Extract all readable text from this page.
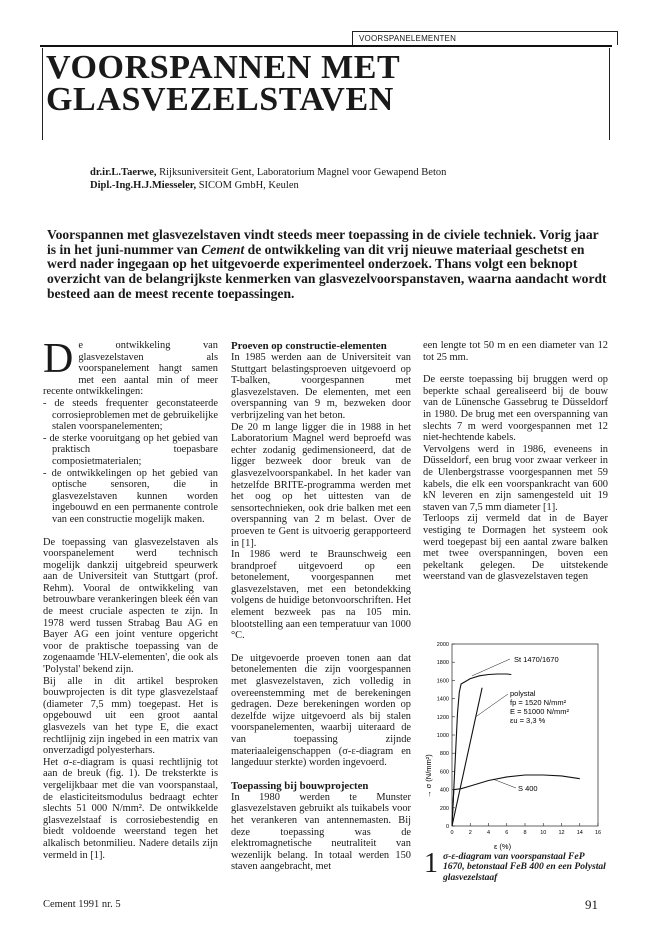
VOORSPANELEMENTEN
VOORSPANNEN MET
GLASVEZELSTAVEN
dr.ir.L.Taerwe, Rijksuniversiteit Gent, Laboratorium Magnel voor Gewapend Beton
Dipl.-Ing.H.J.Miesseler, SICOM GmbH, Keulen

Voorspannen met glasvezelstaven vindt steeds meer toepassing in de civiele techniek. Vorig jaar is in het juni-nummer van Cement de ontwikkeling van dit vrij nieuwe materiaal geschetst en werd nader ingegaan op het uitgevoerde experimenteel onderzoek. Thans volgt een beknopt overzicht van de belangrijkste kenmerken van glasvezelvoorspanstaven, waarna aandacht wordt besteed aan de meest recente toepassingen.

De ontwikkeling van glasvezelstaven als voorspanelement hangt samen met een aantal min of meer recente ontwikkelingen:

- de steeds frequenter geconstateerde corrosieproblemen met de gebruikelijke stalen voorspanelementen;
- de sterke vooruitgang op het gebied van praktisch toepasbare composietmaterialen;
- de ontwikkelingen op het gebied van optische sensoren, die in glasvezelstaven kunnen worden ingebouwd en een permanente controle van een constructie mogelijk maken.

De toepassing van glasvezelstaven als voorspanelement werd technisch mogelijk dankzij uitgebreid speurwerk aan de Universiteit van Stuttgart (prof. Rehm). Vooral de ontwikkeling van betrouwbare verankeringen bleek één van de meest cruciale aspecten te zijn. In 1978 werd tussen Strabag Bau AG en Bayer AG een joint venture opgericht voor de praktische toepassing van de zogenaamde 'HLV-elementen', die ook als 'Polystal' bekend zijn.

Bij alle in dit artikel besproken bouwprojecten is dit type glasvezelstaaf (diameter 7,5 mm) toegepast. Het is opgebouwd uit een groot aantal glasvezels van het type E, die exact rechtlijnig zijn ingebed in een matrix van onverzadigd polyesterhars.

Het σ-ε-diagram is quasi rechtlijnig tot aan de breuk (fig. 1). De treksterkte is vergelijkbaar met die van voorspanstaal, de elasticiteitsmodulus bedraagt echter slechts 51 000 N/mm². De ontwikkelde glasvezelstaaf is corrosiebestendig en biedt voldoende weerstand tegen het alkalisch betonmilieu. Nadere details zijn vermeld in [1].

Proeven op constructie-elementen

In 1985 werden aan de Universiteit van Stuttgart belastingsproeven uitgevoerd op T-balken, voorgespannen met glasvezelstaven. De elementen, met een overspanning van 9 m, bezweken door verbrijzeling van het beton.

De 20 m lange ligger die in 1988 in het Laboratorium Magnel werd beproefd was echter zodanig gedimensioneerd, dat de ligger bezweek door breuk van de glasvezelvoorspankabel. In het kader van hetzelfde BRITE-programma werden met het oog op het uittesten van de sensortechnieken, ook drie balken met een overspanning van 2 m belast. Over de proeven te Gent is uitvoerig gerapporteerd in [1].

In 1986 werd te Braunschweig een brandproef uitgevoerd op een betonelement, voorgespannen met glasvezelstaven, met een betondekking volgens de huidige betonvoorschriften. Het element bezweek pas na 105 min. blootstelling aan een temperatuur van 1000 °C.

De uitgevoerde proeven tonen aan dat betonelementen die zijn voorgespannen met glasvezelstaven, zich volledig in overeenstemming met de berekeningen gedragen. Deze berekeningen worden op dezelfde wijze uitgevoerd als bij stalen voorspanelementen, waarbij uiteraard de van toepassing zijnde materiaaleigenschappen (σ-ε-diagram en langeduur sterkte) worden ingevoerd.

Toepassing bij bouwprojecten

In 1980 werden te Munster glasvezelstaven gebruikt als tuikabels voor het verankeren van antennemasten. Bij deze toepassing was de elektromagnetische neutraliteit van wezenlijk belang. In totaal werden 150 staven aangebracht, met

een lengte tot 50 m en een diameter van 12 tot 25 mm.

De eerste toepassing bij bruggen werd op beperkte schaal gerealiseerd bij de bouw van de Lünensche Gassebrug te Düsseldorf in 1980. De brug met een overspanning van slechts 7 m werd voorgespannen met 12 niet-hechtende kabels.

Vervolgens werd in 1986, eveneens in Düsseldorf, een brug voor zwaar verkeer in de Ulenbergstrasse voorgespannen met 59 kabels, die elk een voorspankracht van 600 kN leveren en zijn samengesteld uit 19 staven van 7,5 mm diameter [1].

Terloops zij vermeld dat in de Bayer vestiging te Dormagen het systeem ook werd toegepast bij een aantal zware balken met twee overspanningen, boven een pekeltank gelegen. De uitstekende weerstand van de glasvezelstaven tegen

0
200
400
600
800
1000
1200
1400
1600
1800
2000
0	2	4	6	8 10 12 14 16
St 1470/1670
polystal
fp = 1520 N/mm²
E = 51000 N/mm²
εu = 3,3 %
S 400
→ σ (N/mm²)
ε (%)
1 σ-ε-diagram van voorspanstaal FeP 1670, betonstaal FeB 400 en een Polystal glasvezelstaaf
Cement 1991 nr. 5	91
